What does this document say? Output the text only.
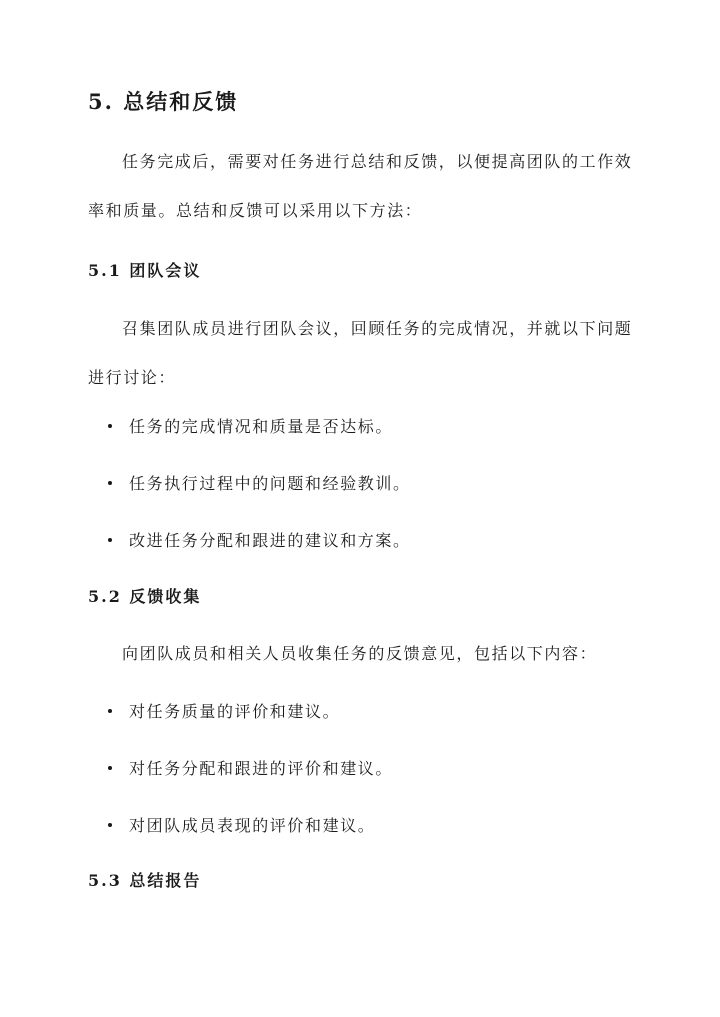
5. 总结和反馈

任务完成后，需要对任务进行总结和反馈，以便提高团队的工作效率和质量。总结和反馈可以采用以下方法：

5.1 团队会议

召集团队成员进行团队会议，回顾任务的完成情况，并就以下问题进行讨论：

任务的完成情况和质量是否达标。
任务执行过程中的问题和经验教训。
改进任务分配和跟进的建议和方案。
5.2 反馈收集

向团队成员和相关人员收集任务的反馈意见，包括以下内容：

对任务质量的评价和建议。
对任务分配和跟进的评价和建议。
对团队成员表现的评价和建议。
5.3 总结报告
